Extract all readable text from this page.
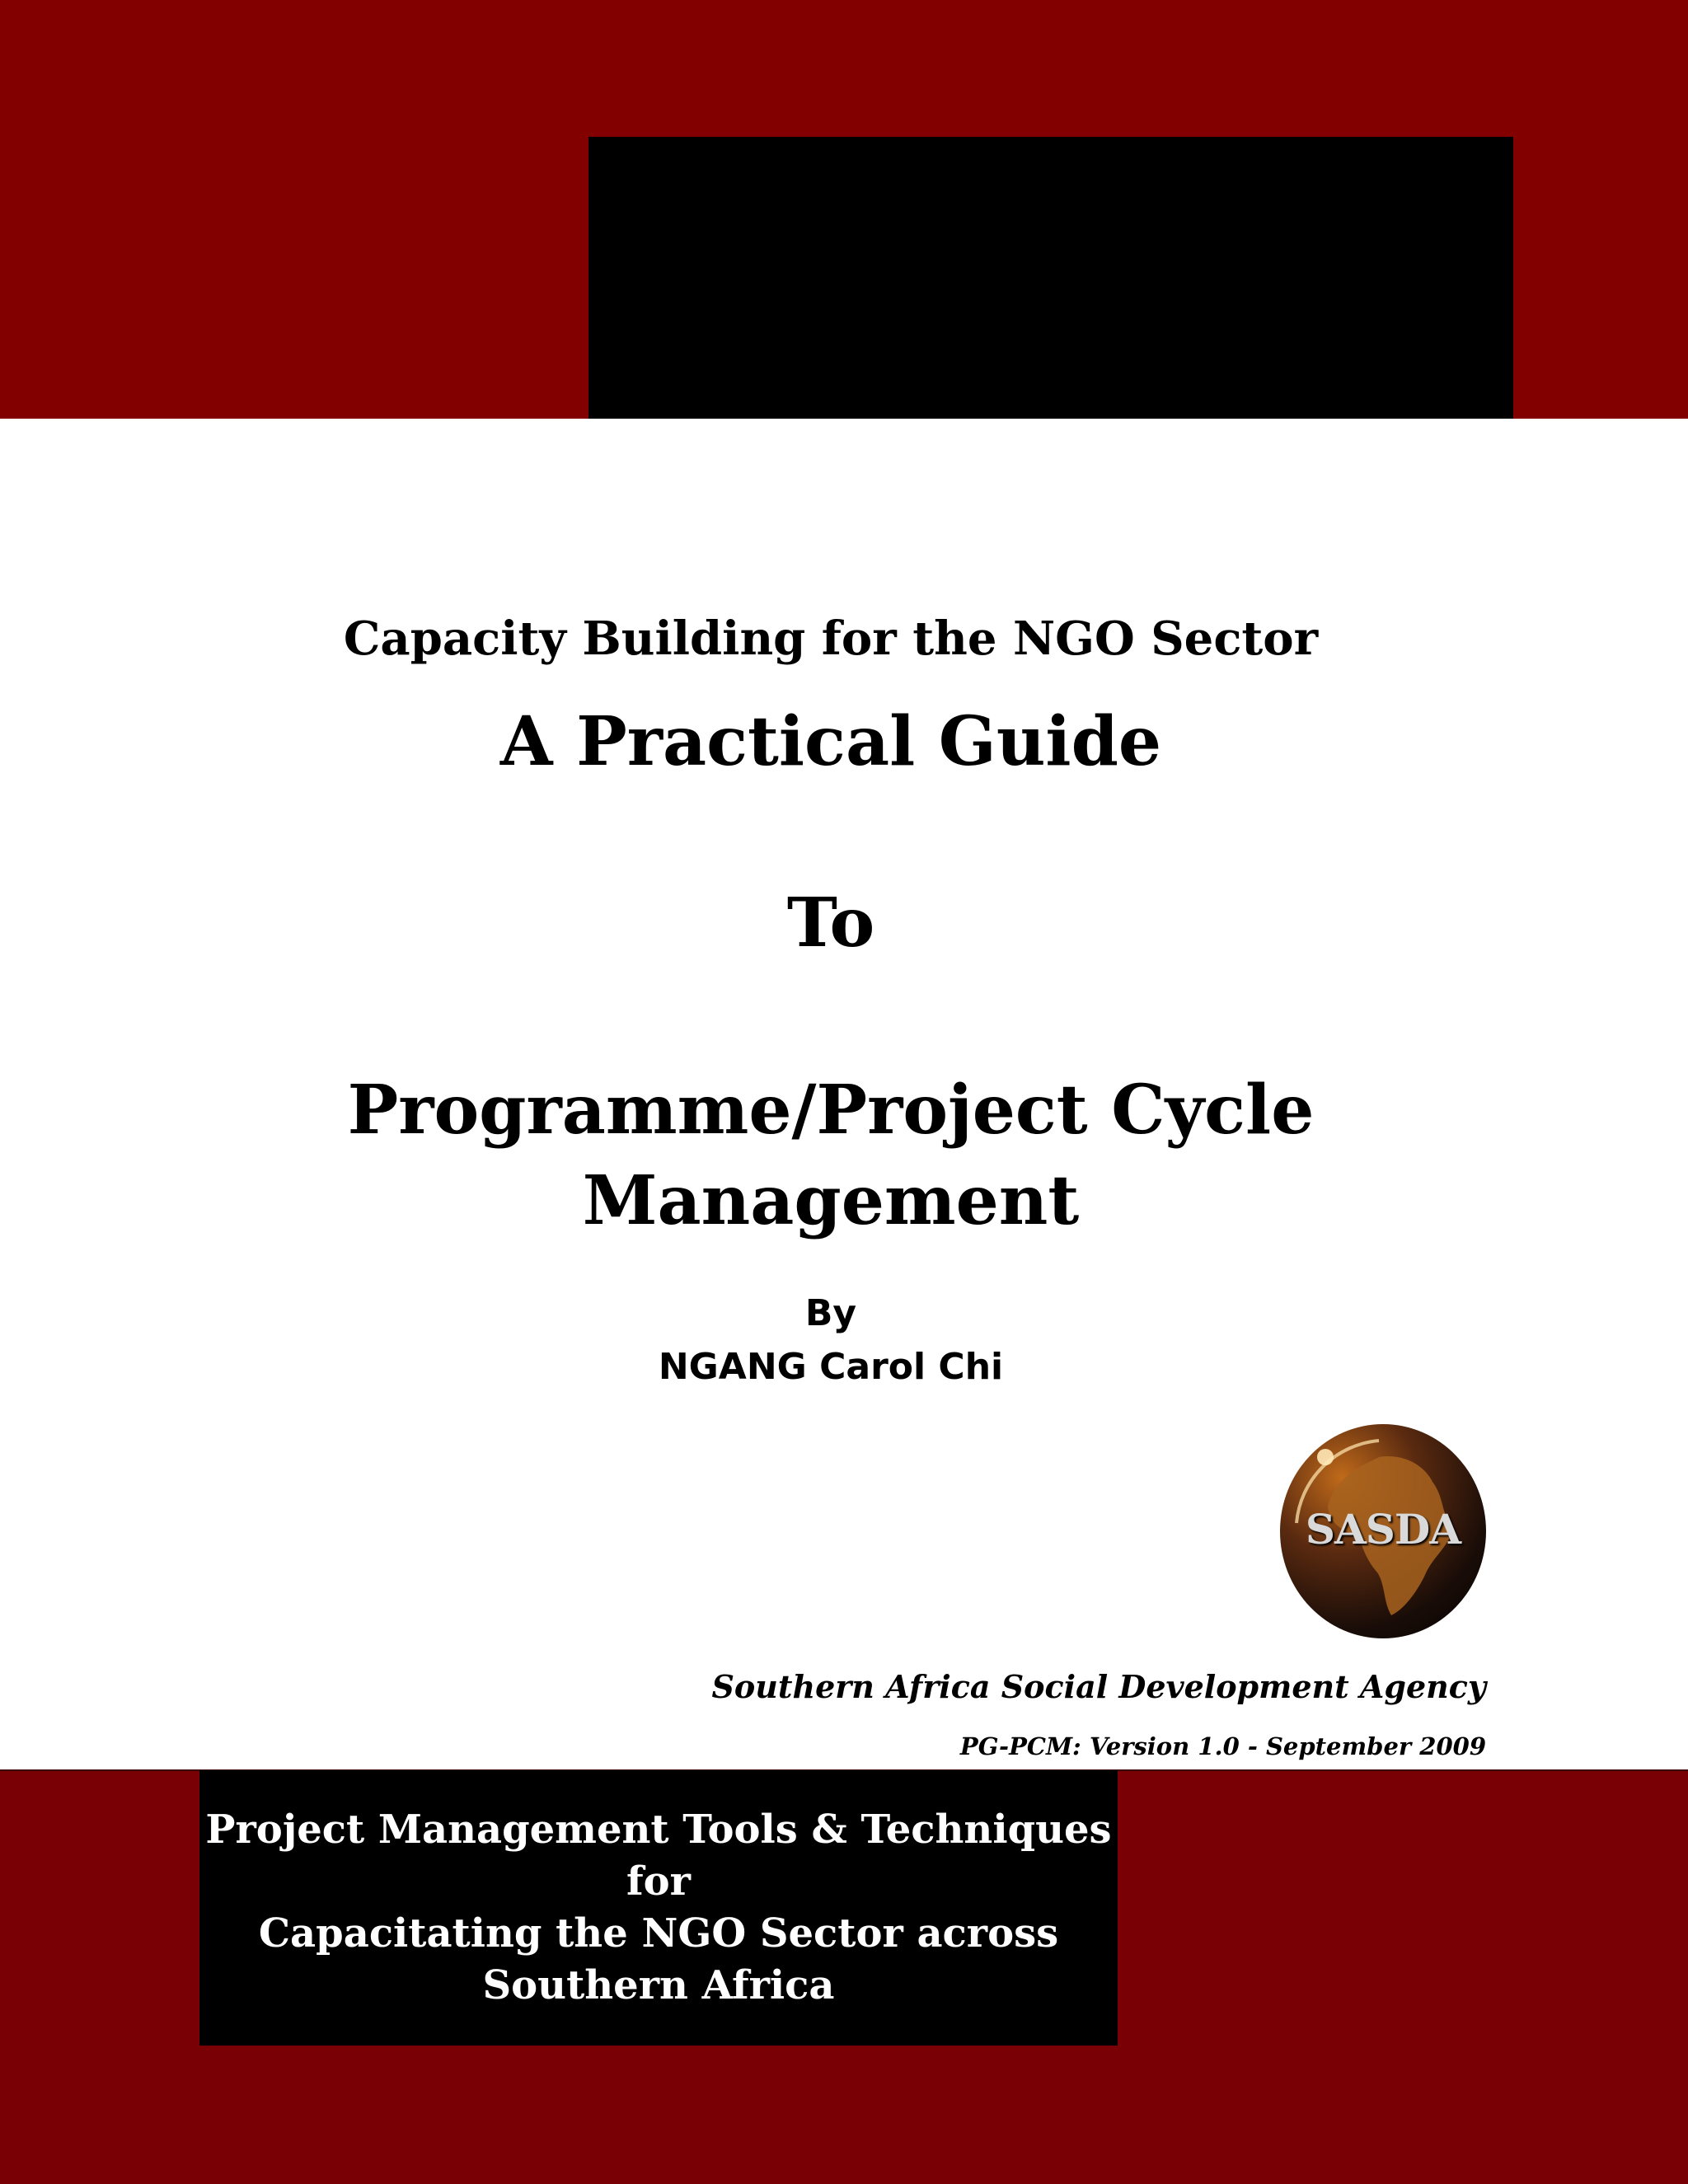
Capacity Building for the NGO Sector
A Practical Guide
To
Programme/Project Cycle
Management
By
NGANG Carol Chi
SASDA
Southern Africa Social Development Agency
PG-PCM: Version 1.0 - September 2009
Project Management Tools & Techniques
for
Capacitating the NGO Sector across
Southern Africa
